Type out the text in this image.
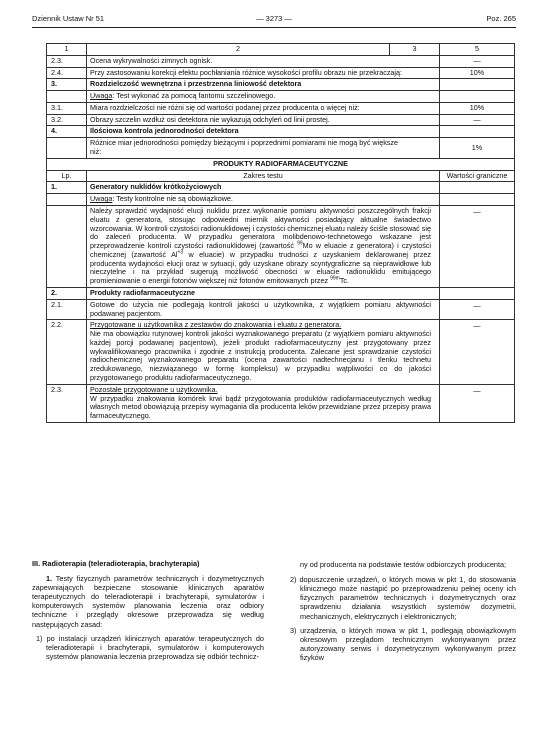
Dziennik Ustaw Nr 51	— 3273 —	Poz. 265
1	2	3	5
2.3.	Ocena wykrywalności zimnych ognisk.		—
2.4.	Przy zastosowaniu korekcji efektu pochłaniania różnice wysokości profilu obrazu nie przekraczają:		10%
3.	Rozdzielczość wewnętrzna i przestrzenna liniowość detektora		
	Uwaga: Test wykonać za pomocą fantomu szczelinowego.		
3.1.	Miara rozdzielczości nie różni się od wartości podanej przez producenta o więcej niż:		10%
3.2.	Obrazy szczelin wzdłuż osi detektora nie wykazują odchyleń od linii prostej.		—
4.	Ilościowa kontrola jednorodności detektora		
	Różnice miar jednorodności pomiędzy bieżącymi i poprzednimi pomiarami nie mogą być większe niż:		1%
PRODUKTY RADIOFARMACEUTYCZNE			
Lp.	Zakres testu		Wartości graniczne
1.	Generatory nuklidów krótkożyciowych		
	Uwaga: Testy kontrolne nie są obowiązkowe.		
	Należy sprawdzić wydajność elucji nuklidu przez wykonanie pomiaru aktywności poszczególnych frakcji eluatu z generatora, stosując odpowiedni miernik aktywności posiadający aktualne świadectwo wzorcowania. W kontroli czystości radionuklidowej i czystości chemicznej eluatu należy ściśle stosować się do zaleceń producenta. W przypadku generatora molibdenowo-technetowego wskazane jest przeprowadzenie kontroli czystości radionuklidowej (zawartość $^{99}$Mo w eluacie z generatora) i czystości chemicznej (zawartość $Al^{+3}$ w eluacie) w przypadku trudności z uzyskaniem deklarowanej przez producenta wydajności elucji oraz w sytuacji, gdy uzyskane obrazy scyntygraficzne są nieprawidłowe lub nieczytelne i na przykład sugerują możliwość obecności w eluacie radionuklidu emitującego promieniowanie o energii fotonów większej niż fotonów emitowanych przez $^{99m}$Tc.		—
2.	Produkty radiofarmaceutyczne		
2.1.	Gotowe do użycia nie podlegają kontroli jakości u użytkownika, z wyjątkiem pomiaru aktywności podawanej pacjentom.		—
2.2.	Przygotowane u użytkownika z zestawów do znakowania i eluatu z generatora.
Nie ma obowiązku rutynowej kontroli jakości wyznakowanego preparatu (z wyjątkiem pomiaru aktywności każdej porcji podawanej pacjentowi), jeżeli produkt radiofarmaceutyczny jest przygotowany przez wykwalifikowanego pracownika i zgodnie z instrukcją producenta. Zalecane jest sprawdzanie czystości radiochemicznej wyznakowanego preparatu (ocena zawartości nadtechnecjanu i tlenku technetu zredukowanego, niezwiązanego w formę kompleksu) w przypadku wątpliwości co do jakości przygotowanego produktu radiofarmaceutycznego.		—
2.3.	Pozostałe przygotowane u użytkownika.
W przypadku znakowania komórek krwi bądź przygotowania produktów radiofarmaceutycznych według własnych metod obowiązują przepisy wymagania dla producenta leków przewidziane przez przepisy prawa farmaceutycznego.		—
III. Radioterapia (teleradioterapia, brachyterapia)

1. Testy fizycznych parametrów technicznych i dozymetrycznych zapewniających bezpieczne stosowanie klinicznych aparatów terapeutycznych do teleradioterapii i brachyterapii, symulatorów i komputerowych systemów planowania leczenia oraz odbiory techniczne i przeglądy okresowe przeprowadza się według następujących zasad:

1) po instalacji urządzeń klinicznych aparatów terapeutycznych do teleradioterapii i brachyterapii, symulatorów i komputerowych systemów planowania leczenia przeprowadza się odbiór technicz-

ny od producenta na podstawie testów odbiorczych producenta;

2) dopuszczenie urządzeń, o których mowa w pkt 1, do stosowania klinicznego może nastąpić po przeprowadzeniu pełnej oceny ich fizycznych parametrów technicznych i dozymetrycznych oraz sprawdzeniu działania wszystkich systemów dozymetrii, mechanicznych, elektrycznych i elektronicznych;

3) urządzenia, o których mowa w pkt 1, podlegają obowiązkowym okresowym przeglądom technicznym wykonywanym przez autoryzowany serwis i dozymetrycznym wykonywanym przez fizyków
